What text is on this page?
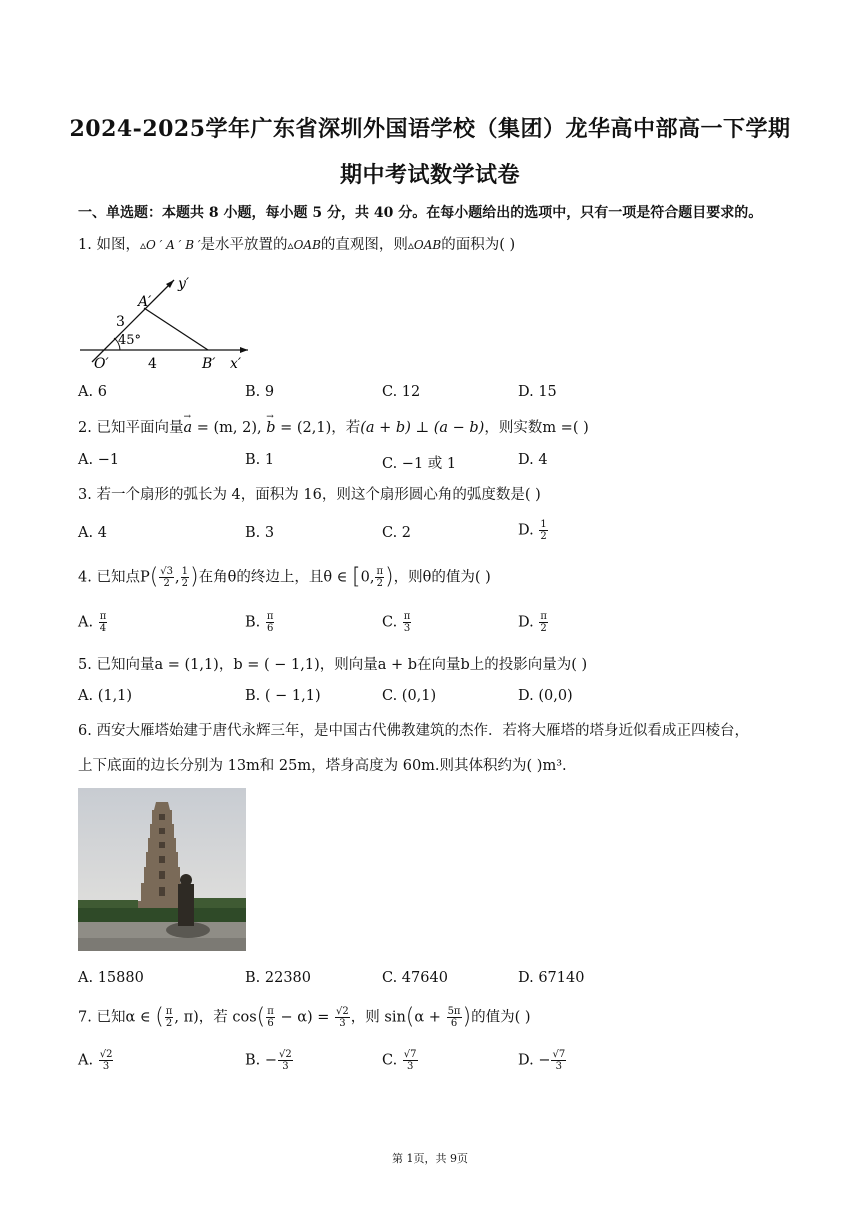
2024-2025学年广东省深圳外国语学校（集团）龙华高中部高一下学期
期中考试数学试卷
一、单选题：本题共 8 小题，每小题 5 分，共 40 分。在每小题给出的选项中，只有一项是符合题目要求的。
1. 如图，▵O ′ A ′ B ′是水平放置的▵OAB的直观图，则▵OAB的面积为( )
y′
A′
3
45°
O′	4	B′ x′
A. 6	B. 9	C. 12	D. 15
2. 已知平面向量→ a = (m, 2), → b = (2,1)，若(a + b) ⊥ (a − b)，则实数m =( )
A. −1	B. 1	C. −1 或 1	D. 4
3. 若一个扇形的弧长为 4，面积为 16，则这个扇形圆心角的弧度数是( )
A. 4	B. 3	C. 2	D. $\frac{1}{2}$
4. 已知点$P( \frac{√3}{2}$ , $\frac{1}{2}$ )在角θ的终边上，且θ ∈ [0, $\frac{\pi}{2}$ )，则θ的值为( )
A. $\frac{\pi}{4}$	B. $\frac{\pi}{6}$	C. $\frac{\pi}{3}$	D. $\frac{\pi}{2}$
5. 已知向量a = (1,1)，b = ( − 1,1)，则向量a + b在向量b上的投影向量为( )
A. (1,1)	B. ( − 1,1)	C. (0,1)	D. (0,0)
6. 西安大雁塔始建于唐代永辉三年，是中国古代佛教建筑的杰作．若将大雁塔的塔身近似看成正四棱台，
上下底面的边长分别为 13m和 25m，塔身高度为 60m.则其体积约为( )m³.
A. 15880	B. 22380	C. 47640	D. 67140
7. 已知α ∈ ( $\frac{\pi}{2}$ , π)，若 $\cos( \frac{\pi}{6} - \alpha) = \frac{√2}{3}$ ，则 $\sin(\alpha + \frac{5\pi}{6}$ )的值为( )
A. $\frac{√2}{3}$	B. − $\frac{√2}{3}$	C. $\frac{√7}{3}$	D. − $\frac{√7}{3}$
第 1页，共 9页
